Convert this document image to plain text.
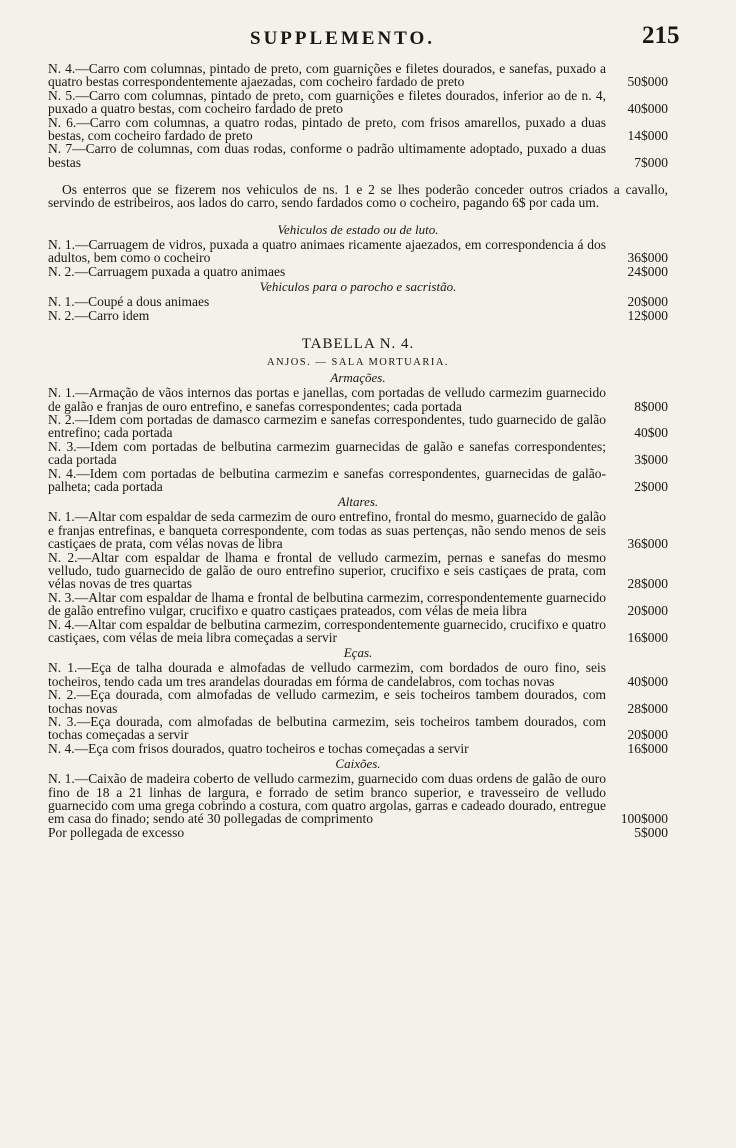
SUPPLEMENTO.	215

N. 4.—Carro com columnas, pintado de preto, com guarnições e filetes dourados, e sanefas, puxado a quatro bestas correspondentemente ajaezadas, com cocheiro fardado de preto	50$000

N. 5.—Carro com columnas, pintado de preto, com guarnições e filetes dourados, inferior ao de n. 4, puxado a quatro bestas, com cocheiro fardado de preto	40$000

N. 6.—Carro com columnas, a quatro rodas, pintado de preto, com frisos amarellos, puxado a duas bestas, com cocheiro fardado de preto	14$000

N. 7—Carro de columnas, com duas rodas, conforme o padrão ultimamente adoptado, puxado a duas bestas	7$000

Os enterros que se fizerem nos vehiculos de ns. 1 e 2 se lhes poderão conceder outros criados a cavallo, servindo de estribeiros, aos lados do carro, sendo fardados como o cocheiro, pagando 6$ por cada um.

Vehiculos de estado ou de luto.

N. 1.—Carruagem de vidros, puxada a quatro animaes ricamente ajaezados, em correspondencia á dos adultos, bem como o cocheiro	36$000

N. 2.—Carruagem puxada a quatro animaes	24$000
Vehiculos para o parocho e sacristão.

N. 1.—Coupé a dous animaes	20$000

N. 2.—Carro idem	12$000
TABELLA N. 4.
ANJOS. — SALA MORTUARIA.
Armações.

N. 1.—Armação de vãos internos das portas e janellas, com portadas de velludo carmezim guarnecido de galão e franjas de ouro entrefino, e sanefas correspondentes; cada portada	8$000

N. 2.—Idem com portadas de damasco carmezim e sanefas correspondentes, tudo guarnecido de galão entrefino; cada portada	40$00

N. 3.—Idem com portadas de belbutina carmezim guarnecidas de galão e sanefas correspondentes; cada portada	3$000

N. 4.—Idem com portadas de belbutina carmezim e sanefas correspondentes, guarnecidas de galão-palheta; cada portada	2$000
Altares.

N. 1.—Altar com espaldar de seda carmezim de ouro entrefino, frontal do mesmo, guarnecido de galão e franjas entrefinas, e banqueta correspondente, com todas as suas pertenças, não sendo menos de seis castiçaes de prata, com vélas novas de libra	36$000

N. 2.—Altar com espaldar de lhama e frontal de velludo carmezim, pernas e sanefas do mesmo velludo, tudo guarnecido de galão de ouro entrefino superior, crucifixo e seis castiçaes de prata, com vélas novas de tres quartas	28$000

N. 3.—Altar com espaldar de lhama e frontal de belbutina carmezim, correspondentemente guarnecido de galão entrefino vulgar, crucifixo e quatro castiçaes prateados, com vélas de meia libra	20$000

N. 4.—Altar com espaldar de belbutina carmezim, correspondentemente guarnecido, crucifixo e quatro castiçaes, com vélas de meia libra começadas a servir	16$000
Eças.

N. 1.—Eça de talha dourada e almofadas de velludo carmezim, com bordados de ouro fino, seis tocheiros, tendo cada um tres arandelas douradas em fórma de candelabros, com tochas novas	40$000

N. 2.—Eça dourada, com almofadas de velludo carmezim, e seis tocheiros tambem dourados, com tochas novas	28$000

N. 3.—Eça dourada, com almofadas de belbutina carmezim, seis tocheiros tambem dourados, com tochas começadas a servir	20$000

N. 4.—Eça com frisos dourados, quatro tocheiros e tochas começadas a servir	16$000
Caixões.

N. 1.—Caixão de madeira coberto de velludo carmezim, guarnecido com duas ordens de galão de ouro fino de 18 a 21 linhas de largura, e forrado de setim branco superior, e travesseiro de velludo guarnecido com uma grega cobrindo a costura, com quatro argolas, garras e cadeado dourado, entregue em casa do finado; sendo até 30 pollegadas de comprimento	100$000

Por pollegada de excesso	5$000
